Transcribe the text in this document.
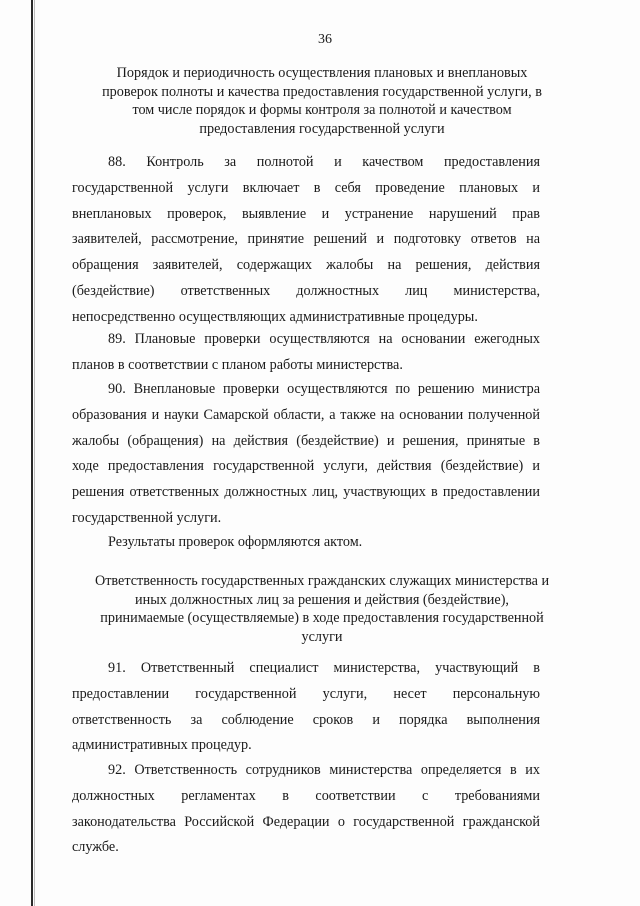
36
Порядок и периодичность осуществления плановых и внеплановых
проверок полноты и качества предоставления государственной услуги, в
том числе порядок и формы контроля за полнотой и качеством
предоставления государственной услуги
88. Контроль за полнотой и качеством предоставления
государственной услуги включает в себя проведение плановых и
внеплановых проверок, выявление и устранение нарушений прав
заявителей, рассмотрение, принятие решений и подготовку ответов на
обращения заявителей, содержащих жалобы на решения, действия
(бездействие) ответственных должностных лиц министерства,
непосредственно осуществляющих административные процедуры.
89. Плановые проверки осуществляются на основании ежегодных
планов в соответствии с планом работы министерства.
90. Внеплановые проверки осуществляются по решению министра
образования и науки Самарской области, а также на основании полученной
жалобы (обращения) на действия (бездействие) и решения, принятые в
ходе предоставления государственной услуги, действия (бездействие) и
решения ответственных должностных лиц, участвующих в предоставлении
государственной услуги.
Результаты проверок оформляются актом.
Ответственность государственных гражданских служащих министерства и
иных должностных лиц за решения и действия (бездействие),
принимаемые (осуществляемые) в ходе предоставления государственной
услуги
91. Ответственный специалист министерства, участвующий в
предоставлении государственной услуги, несет персональную
ответственность за соблюдение сроков и порядка выполнения
административных процедур.
92. Ответственность сотрудников министерства определяется в их
должностных регламентах в соответствии с требованиями
законодательства Российской Федерации о государственной гражданской
службе.
